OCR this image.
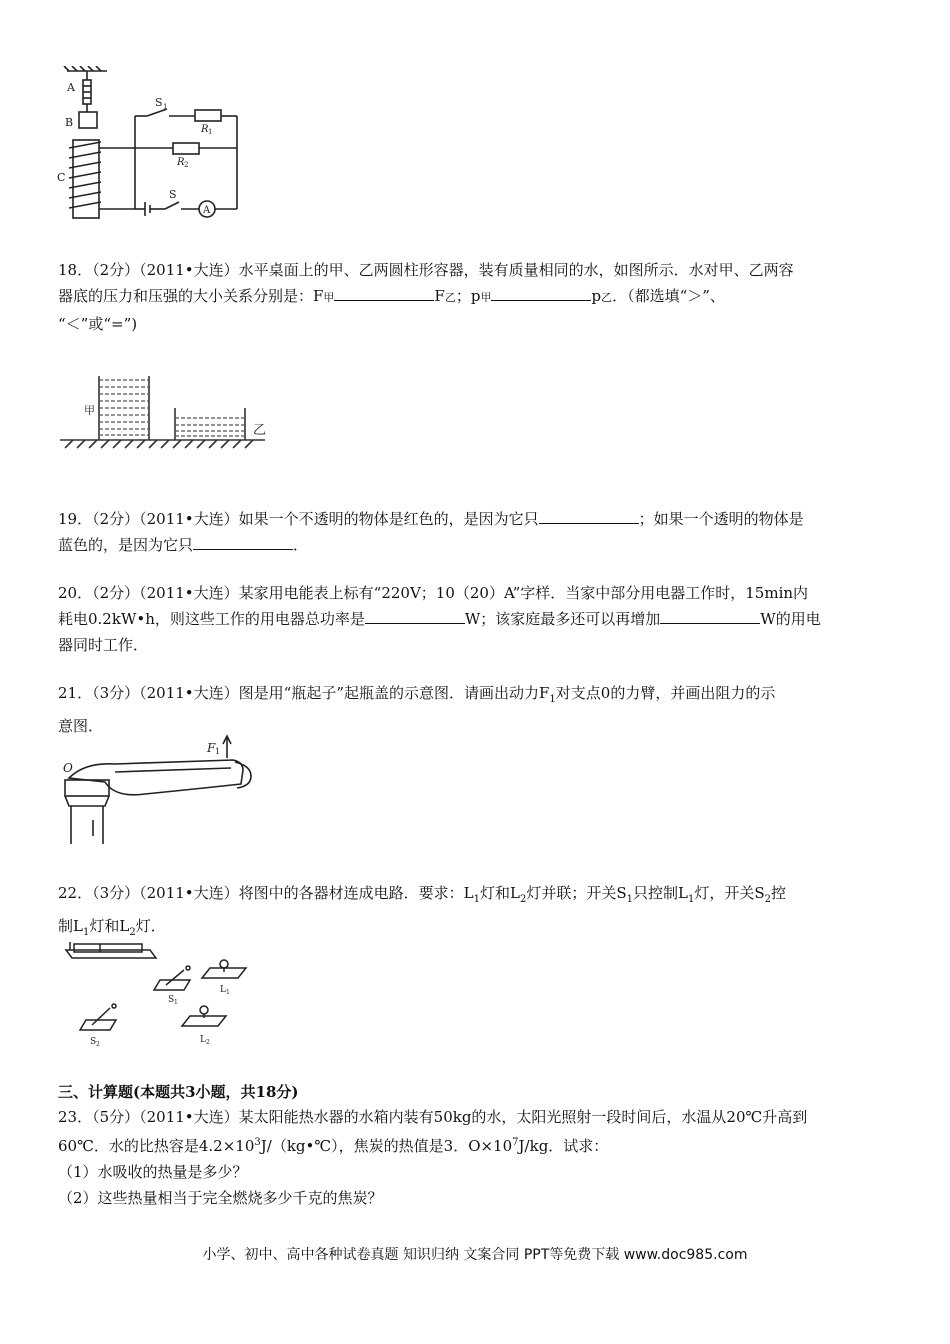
A
B
C
S 1
R 1
R 2
S
A
18．（2分）（2011•大连）水平桌面上的甲、乙两圆柱形容器，装有质量相同的水，如图所示．水对甲、乙两容
器底的压力和压强的大小关系分别是：F甲	F乙；p甲	p乙．（都选填“＞”、
“＜”或“=”)
甲
乙
19．（2分）（2011•大连）如果一个不透明的物体是红色的，是因为它只	；如果一个透明的物体是
蓝色的，是因为它只	．
20．（2分）（2011•大连）某家用电能表上标有“220V；10（20）A”字样．当家中部分用电器工作时，15min内
耗电0.2kW•h，则这些工作的用电器总功率是	W；该家庭最多还可以再增加	W的用电
器同时工作．
21．（3分）（2011•大连）图是用“瓶起子”起瓶盖的示意图．请画出动力$F_1$对支点0的力臂，并画出阻力的示
意图．
O
F 1
22．（3分）（2011•大连）将图中的各器材连成电路．要求：$L_1$灯和$L_2$灯并联；开关$S_1$只控制$L_1$灯，开关$S_2$控
制$L_1$灯和$L_2$灯．
S 1
L 1
S 2	L 2
三、计算题(本题共3小题，共18分)
23．（5分）（2011•大连）某太阳能热水器的水箱内装有50kg的水，太阳光照射一段时间后，水温从20℃升高到
60℃．水的比热容是$4.2\times 10^3J/(kg•℃)$，焦炭的热值是3．$O\times 10^7J/kg$．试求：
（1）水吸收的热量是多少？
（2）这些热量相当于完全燃烧多少千克的焦炭？
小学、初中、高中各种试卷真题 知识归纳 文案合同 PPT等免费下载 www.doc985.com
